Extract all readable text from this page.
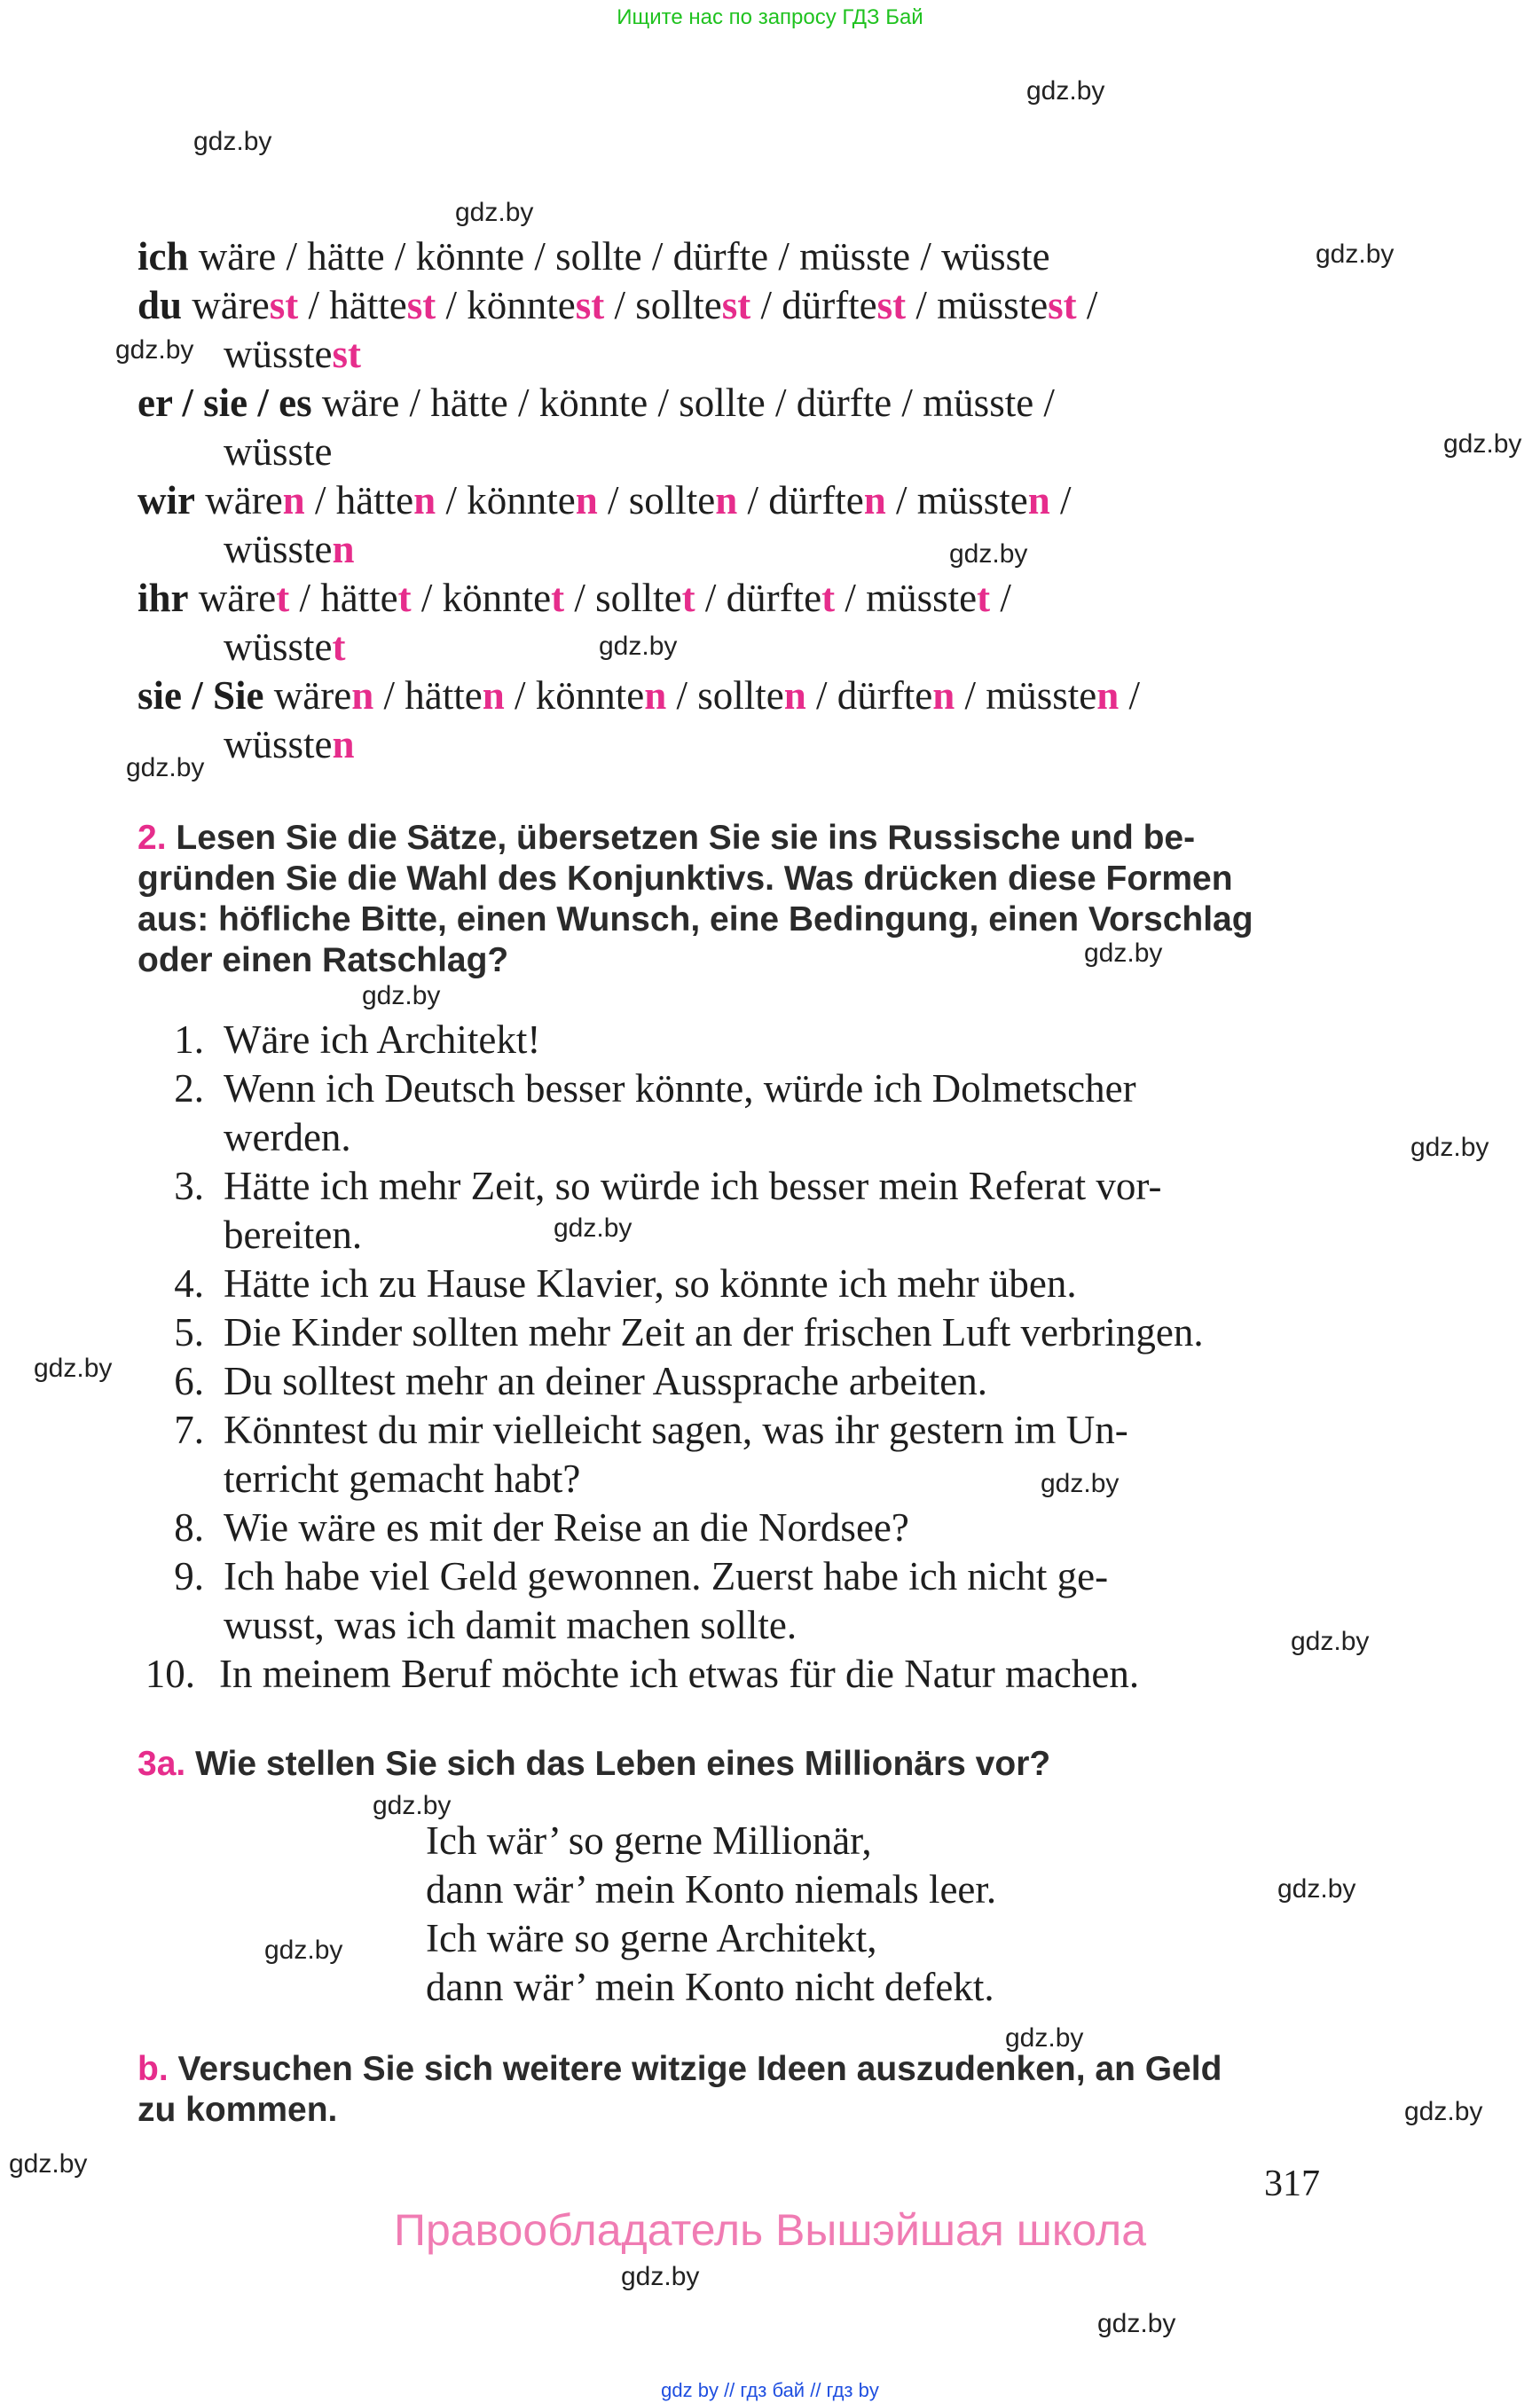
Ищите нас по запросу ГДЗ Бай
gdz.by
gdz.by
gdz.by
gdz.by
gdz.by
gdz.by
gdz.by
gdz.by
gdz.by
gdz.by
gdz.by
gdz.by
gdz.by
gdz.by
gdz.by
gdz.by
gdz.by
gdz.by
gdz.by
gdz.by
gdz.by
gdz.by
gdz.by
gdz.by
ich wäre / hätte / könnte / sollte / dürfte / müsste / wüsste
du wärest / hättest / könntest / solltest / dürftest / müsstest /
wüsstest
er / sie / es wäre / hätte / könnte / sollte / dürfte / müsste /
wüsste
wir wären / hätten / könnten / sollten / dürften / müssten /
wüssten
ihr wäret / hättet / könntet / solltet / dürftet / müsstet /
wüsstet
sie / Sie wären / hätten / könnten / sollten / dürften / müssten /
wüssten
2. Lesen Sie die Sätze, übersetzen Sie sie ins Russische und be-
gründen Sie die Wahl des Konjunktivs. Was drücken diese Formen
aus: höfliche Bitte, einen Wunsch, eine Bedingung, einen Vorschlag
oder einen Ratschlag?
1. Wäre ich Architekt!
2. Wenn ich Deutsch besser könnte, würde ich Dolmetscher
werden.
3. Hätte ich mehr Zeit, so würde ich besser mein Referat vor-
bereiten.
4. Hätte ich zu Hause Klavier, so könnte ich mehr üben.
5. Die Kinder sollten mehr Zeit an der frischen Luft verbringen.
6. Du solltest mehr an deiner Aussprache arbeiten.
7. Könntest du mir vielleicht sagen, was ihr gestern im Un-
terricht gemacht habt?
8. Wie wäre es mit der Reise an die Nordsee?
9. Ich habe viel Geld gewonnen. Zuerst habe ich nicht ge-
wusst, was ich damit machen sollte.
10. In meinem Beruf möchte ich etwas für die Natur machen.
3a. Wie stellen Sie sich das Leben eines Millionärs vor?
Ich wär’ so gerne Millionär,
dann wär’ mein Konto niemals leer.
Ich wäre so gerne Architekt,
dann wär’ mein Konto nicht defekt.
b. Versuchen Sie sich weitere witzige Ideen auszudenken, an Geld
zu kommen.
317
Правообладатель Вышэйшая школа
gdz by // гдз бай // гдз by
